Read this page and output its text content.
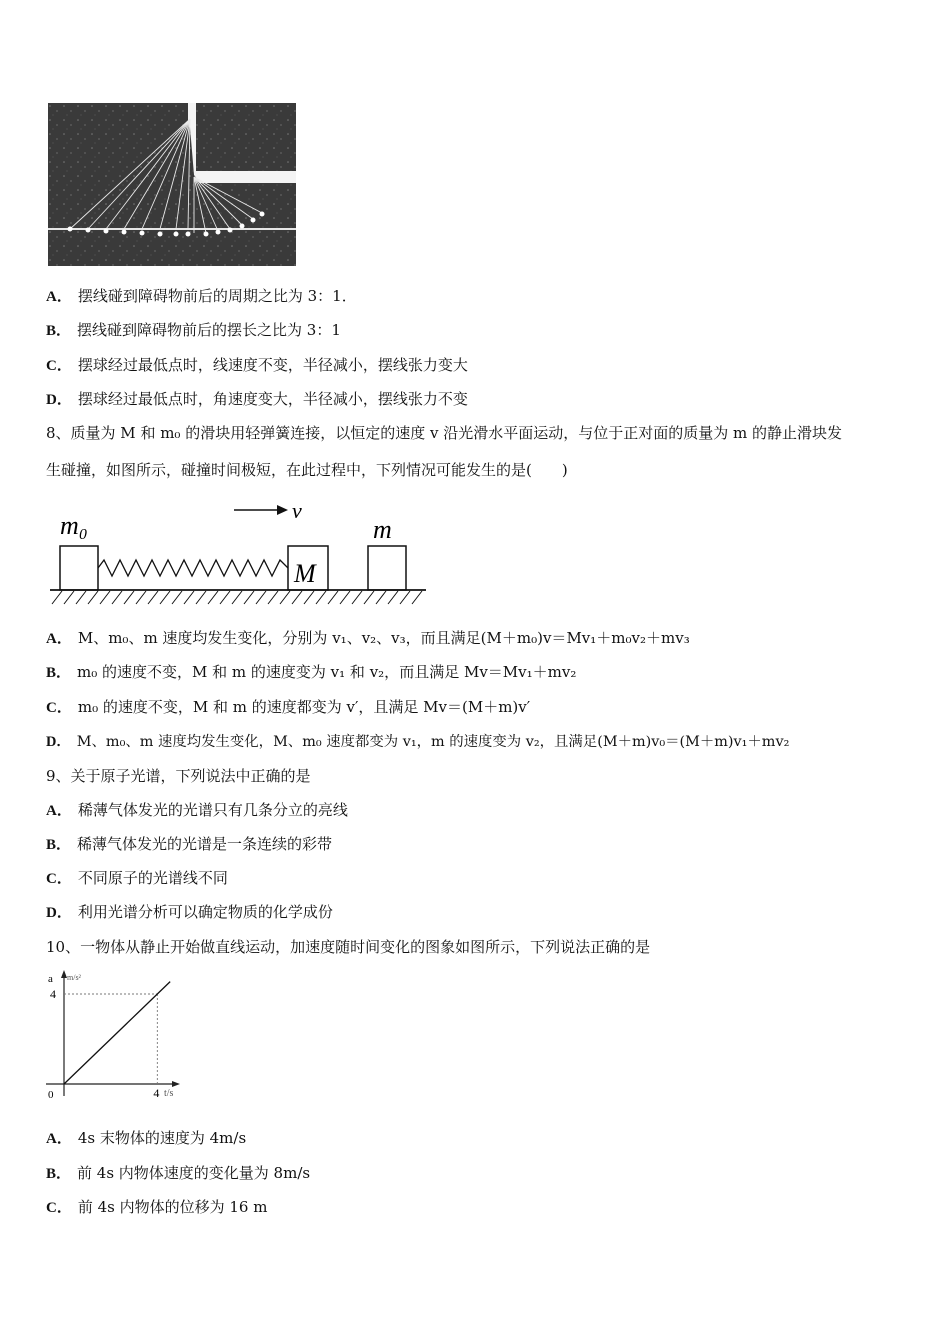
A． 摆线碰到障碍物前后的周期之比为 3：1．
B． 摆线碰到障碍物前后的摆长之比为 3：1
C． 摆球经过最低点时，线速度不变，半径减小，摆线张力变大
D． 摆球经过最低点时，角速度变大，半径减小，摆线张力不变
8、质量为 M 和 m₀ 的滑块用轻弹簧连接，以恒定的速度 v 沿光滑水平面运动，与位于正对面的质量为 m 的静止滑块发
生碰撞，如图所示，碰撞时间极短，在此过程中，下列情况可能发生的是(　　)
m₀
v
m
M
A． M、m₀、m 速度均发生变化，分别为 v₁、v₂、v₃，而且满足(M＋m₀)v＝Mv₁＋m₀v₂＋mv₃
B． m₀ 的速度不变，M 和 m 的速度变为 v₁ 和 v₂，而且满足 Mv＝Mv₁＋mv₂
C． m₀ 的速度不变，M 和 m 的速度都变为 v′，且满足 Mv＝(M＋m)v′
D． M、m₀、m 速度均发生变化，M、m₀ 速度都变为 v₁，m 的速度变为 v₂，且满足(M＋m)v₀＝(M＋m)v₁＋mv₂
9、关于原子光谱，下列说法中正确的是
A． 稀薄气体发光的光谱只有几条分立的亮线
B． 稀薄气体发光的光谱是一条连续的彩带
C． 不同原子的光谱线不同
D． 利用光谱分析可以确定物质的化学成份
10、一物体从静止开始做直线运动，加速度随时间变化的图象如图所示，下列说法正确的是
a m/s²
t/s
0	4
4
A． 4s 末物体的速度为 4m/s
B． 前 4s 内物体速度的变化量为 8m/s
C． 前 4s 内物体的位移为 16 m
